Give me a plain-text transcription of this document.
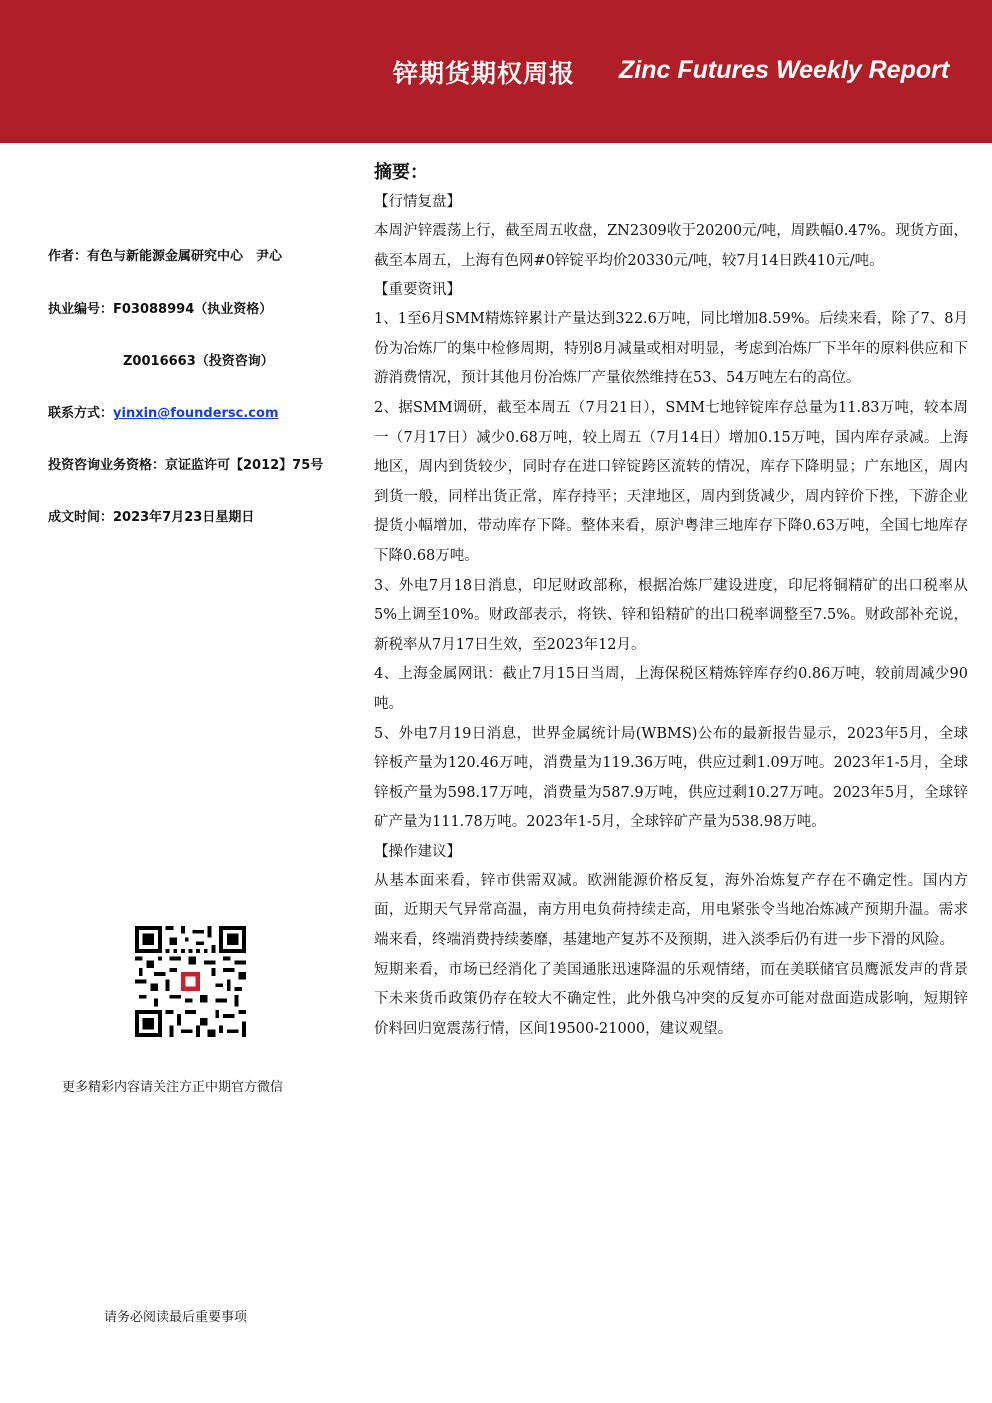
锌期货期权周报 Zinc Futures Weekly Report
作者：有色与新能源金属研究中心　尹心
执业编号：F03088994（执业资格）
Z0016663（投资咨询）
联系方式：yinxin@foundersc.com
投资咨询业务资格：京证监许可【2012】75号
成文时间：2023年7月23日星期日
更多精彩内容请关注方正中期官方微信
请务必阅读最后重要事项
摘要：
【行情复盘】

本周沪锌震荡上行，截至周五收盘，ZN2309收于20200元/吨，周跌幅0.47%。现货方面，截至本周五，上海有色网#0锌锭平均价20330元/吨，较7月14日跌410元/吨。

【重要资讯】

1、1至6月SMM精炼锌累计产量达到322.6万吨，同比增加8.59%。后续来看，除了7、8月份为冶炼厂的集中检修周期，特别8月减量或相对明显，考虑到冶炼厂下半年的原料供应和下游消费情况，预计其他月份冶炼厂产量依然维持在53、54万吨左右的高位。

2、据SMM调研，截至本周五（7月21日），SMM七地锌锭库存总量为11.83万吨，较本周一（7月17日）减少0.68万吨，较上周五（7月14日）增加0.15万吨，国内库存录减。上海地区，周内到货较少，同时存在进口锌锭跨区流转的情况，库存下降明显；广东地区，周内到货一般，同样出货正常，库存持平；天津地区，周内到货减少，周内锌价下挫，下游企业提货小幅增加，带动库存下降。整体来看，原沪粤津三地库存下降0.63万吨，全国七地库存下降0.68万吨。

3、外电7月18日消息，印尼财政部称，根据冶炼厂建设进度，印尼将铜精矿的出口税率从5%上调至10%。财政部表示，将铁、锌和铅精矿的出口税率调整至7.5%。财政部补充说，新税率从7月17日生效，至2023年12月。

4、上海金属网讯：截止7月15日当周，上海保税区精炼锌库存约0.86万吨，较前周减少90吨。

5、外电7月19日消息，世界金属统计局(WBMS)公布的最新报告显示，2023年5月，全球锌板产量为120.46万吨，消费量为119.36万吨，供应过剩1.09万吨。2023年1-5月，全球锌板产量为598.17万吨，消费量为587.9万吨，供应过剩10.27万吨。2023年5月，全球锌矿产量为111.78万吨。2023年1-5月，全球锌矿产量为538.98万吨。

【操作建议】

从基本面来看，锌市供需双减。欧洲能源价格反复，海外冶炼复产存在不确定性。国内方面，近期天气异常高温，南方用电负荷持续走高，用电紧张令当地冶炼减产预期升温。需求端来看，终端消费持续萎靡，基建地产复苏不及预期，进入淡季后仍有进一步下滑的风险。

短期来看，市场已经消化了美国通胀迅速降温的乐观情绪，而在美联储官员鹰派发声的背景下未来货币政策仍存在较大不确定性，此外俄乌冲突的反复亦可能对盘面造成影响，短期锌价料回归宽震荡行情，区间19500-21000，建议观望。
